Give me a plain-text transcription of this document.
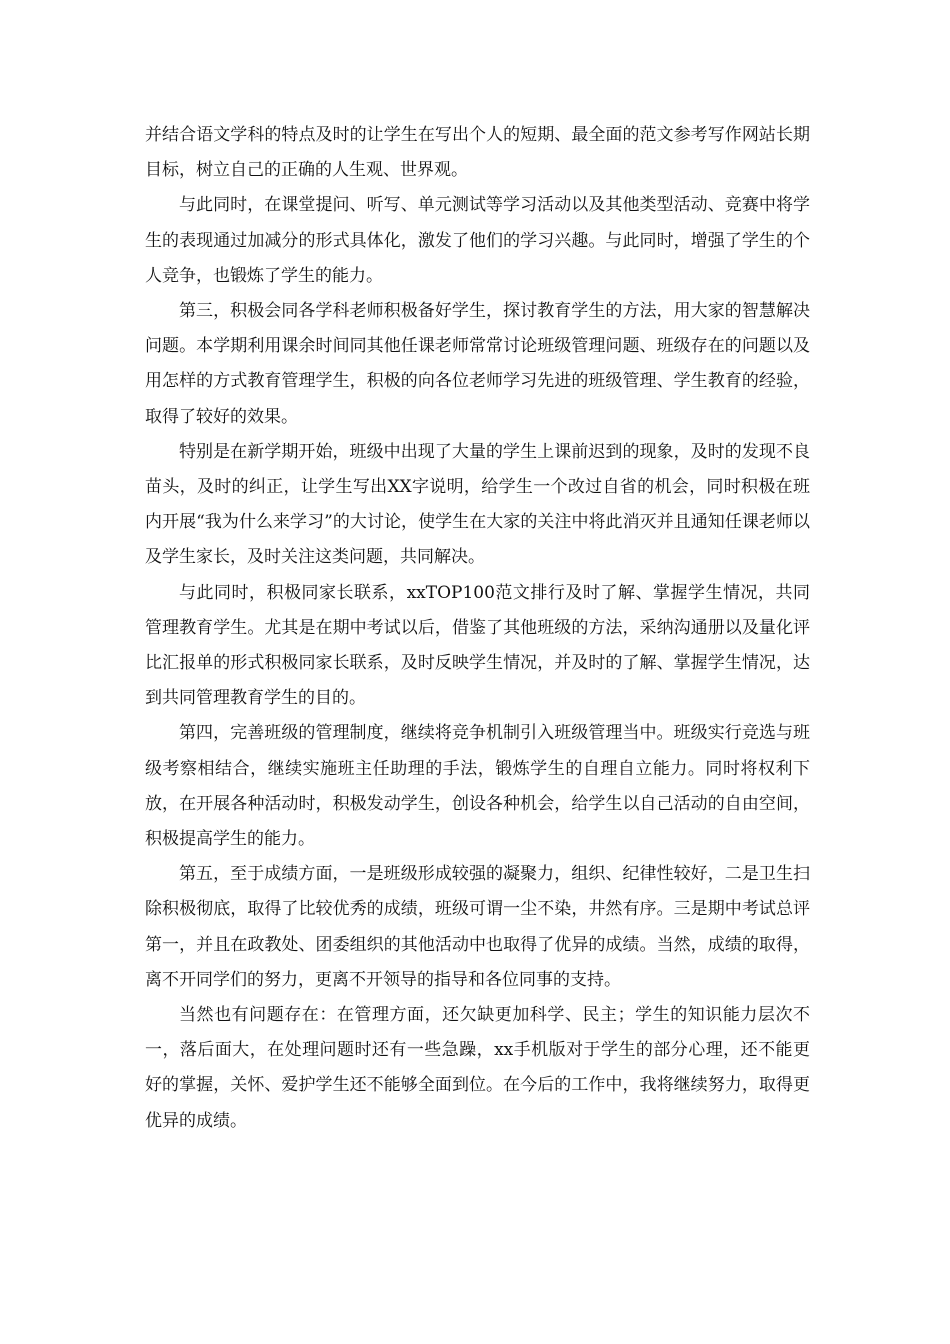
并结合语文学科的特点及时的让学生在写出个人的短期、最全面的范文参考写作网站长期目标，树立自己的正确的人生观、世界观。

与此同时，在课堂提问、听写、单元测试等学习活动以及其他类型活动、竞赛中将学生的表现通过加减分的形式具体化，激发了他们的学习兴趣。与此同时，增强了学生的个人竞争，也锻炼了学生的能力。

第三，积极会同各学科老师积极备好学生，探讨教育学生的方法，用大家的智慧解决问题。本学期利用课余时间同其他任课老师常常讨论班级管理问题、班级存在的问题以及用怎样的方式教育管理学生，积极的向各位老师学习先进的班级管理、学生教育的经验，取得了较好的效果。

特别是在新学期开始，班级中出现了大量的学生上课前迟到的现象，及时的发现不良苗头，及时的纠正，让学生写出XX字说明，给学生一个改过自省的机会，同时积极在班内开展“我为什么来学习”的大讨论，使学生在大家的关注中将此消灭并且通知任课老师以及学生家长，及时关注这类问题，共同解决。

与此同时，积极同家长联系，xxTOP100范文排行及时了解、掌握学生情况，共同管理教育学生。尤其是在期中考试以后，借鉴了其他班级的方法，采纳沟通册以及量化评比汇报单的形式积极同家长联系，及时反映学生情况，并及时的了解、掌握学生情况，达到共同管理教育学生的目的。

第四，完善班级的管理制度，继续将竞争机制引入班级管理当中。班级实行竞选与班级考察相结合，继续实施班主任助理的手法，锻炼学生的自理自立能力。同时将权利下放，在开展各种活动时，积极发动学生，创设各种机会，给学生以自己活动的自由空间，积极提高学生的能力。

第五，至于成绩方面，一是班级形成较强的凝聚力，组织、纪律性较好，二是卫生扫除积极彻底，取得了比较优秀的成绩，班级可谓一尘不染，井然有序。三是期中考试总评第一，并且在政教处、团委组织的其他活动中也取得了优异的成绩。当然，成绩的取得，离不开同学们的努力，更离不开领导的指导和各位同事的支持。

当然也有问题存在：在管理方面，还欠缺更加科学、民主；学生的知识能力层次不一，落后面大，在处理问题时还有一些急躁，xx手机版对于学生的部分心理，还不能更好的掌握，关怀、爱护学生还不能够全面到位。在今后的工作中，我将继续努力，取得更优异的成绩。
